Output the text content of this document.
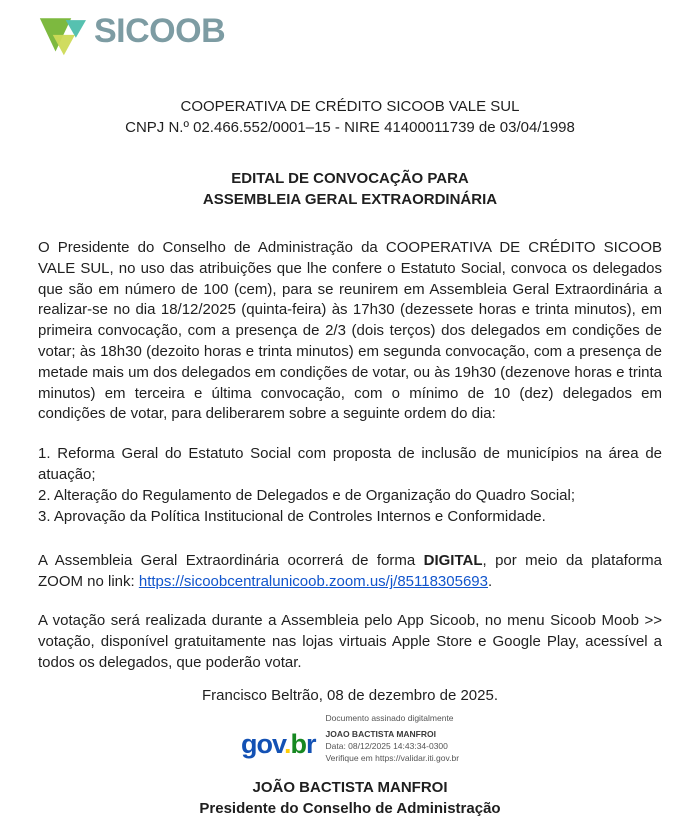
SICOOB
COOPERATIVA DE CRÉDITO SICOOB VALE SUL
CNPJ N.º 02.466.552/0001–15 - NIRE 41400011739 de 03/04/1998
EDITAL DE CONVOCAÇÃO PARA
ASSEMBLEIA GERAL EXTRAORDINÁRIA

O Presidente do Conselho de Administração da COOPERATIVA DE CRÉDITO SICOOB VALE SUL, no uso das atribuições que lhe confere o Estatuto Social, convoca os delegados que são em número de 100 (cem), para se reunirem em Assembleia Geral Extraordinária a realizar-se no dia 18/12/2025 (quinta-feira) às 17h30 (dezessete horas e trinta minutos), em primeira convocação, com a presença de 2/3 (dois terços) dos delegados em condições de votar; às 18h30 (dezoito horas e trinta minutos) em segunda convocação, com a presença de metade mais um dos delegados em condições de votar, ou às 19h30 (dezenove horas e trinta minutos) em terceira e última convocação, com o mínimo de 10 (dez) delegados em condições de votar, para deliberarem sobre a seguinte ordem do dia:

1. Reforma Geral do Estatuto Social com proposta de inclusão de municípios na área de atuação;
2. Alteração do Regulamento de Delegados e de Organização do Quadro Social;
3. Aprovação da Política Institucional de Controles Internos e Conformidade.

A Assembleia Geral Extraordinária ocorrerá de forma DIGITAL, por meio da plataforma ZOOM no link: https://sicoobcentralunicoob.zoom.us/j/85118305693.

A votação será realizada durante a Assembleia pelo App Sicoob, no menu Sicoob Moob >> votação, disponível gratuitamente nas lojas virtuais Apple Store e Google Play, acessível a todos os delegados, que poderão votar.

Francisco Beltrão, 08 de dezembro de 2025.
gov.br
Documento assinado digitalmente
JOAO BACTISTA MANFROI
Data: 08/12/2025 14:43:34-0300
Verifique em https://validar.iti.gov.br
JOÃO BACTISTA MANFROI
Presidente do Conselho de Administração
